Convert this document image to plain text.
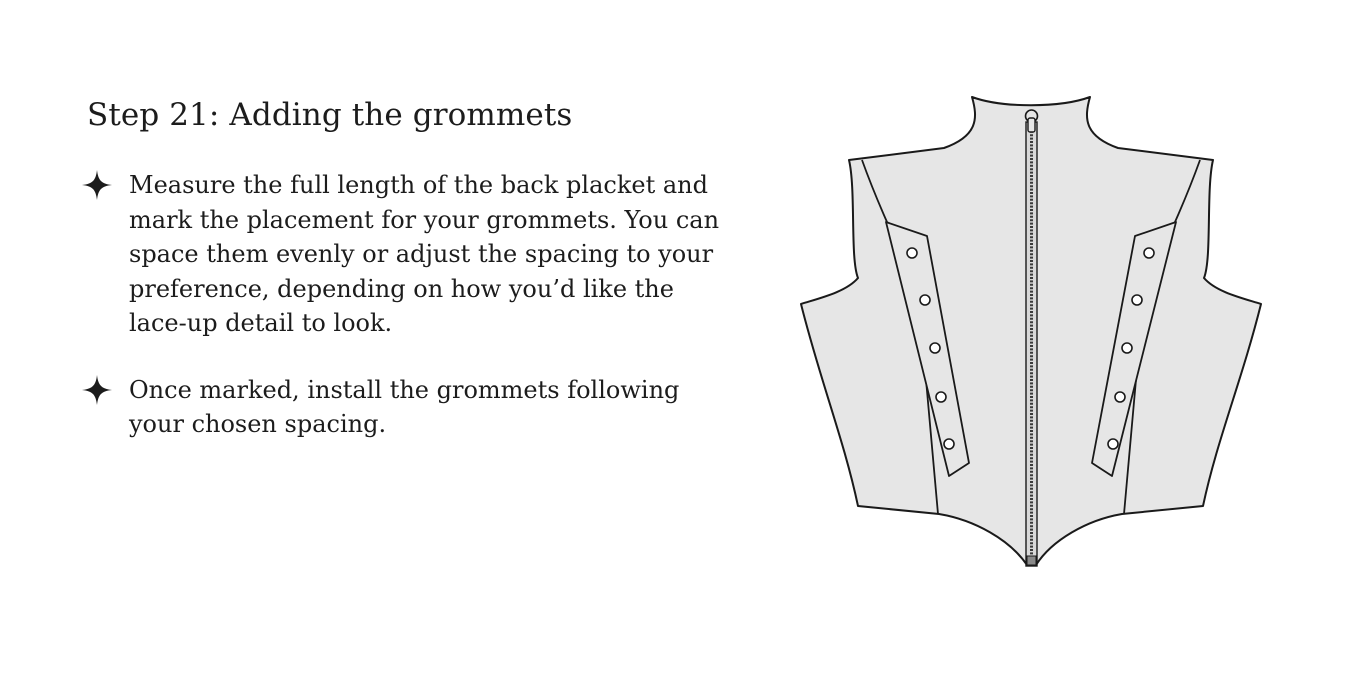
Step 21: Adding the grommets
Measure the full length of the back placket and mark the placement for your grommets. You can space them evenly or adjust the spacing to your preference, depending on how you’d like the lace-up detail to look.
Once marked, install the grommets following your chosen spacing.
